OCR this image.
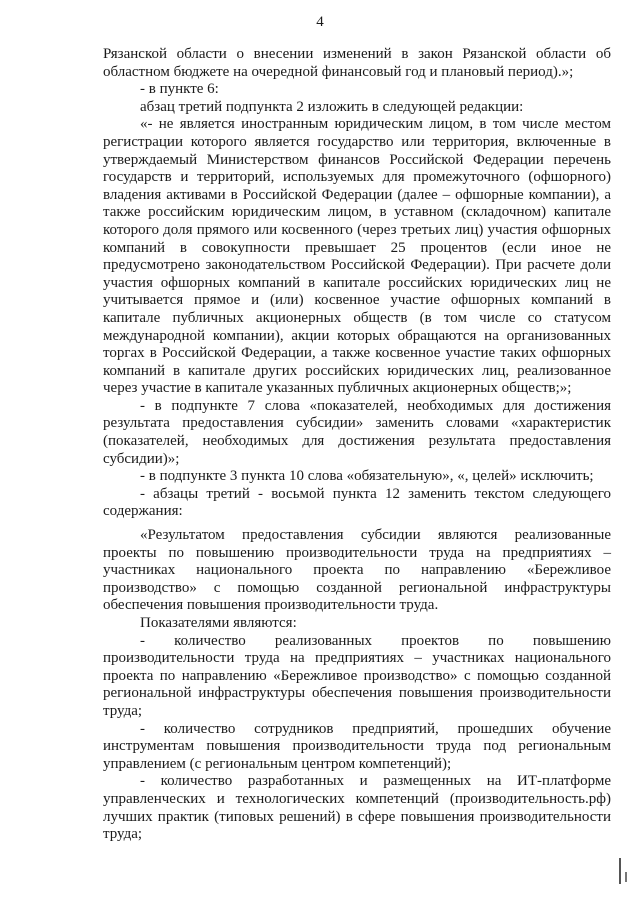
4

Рязанской области о внесении изменений в закон Рязанской области об областном бюджете на очередной финансовый год и плановый период).»;

- в пункте 6:

абзац третий подпункта 2 изложить в следующей редакции:

«- не является иностранным юридическим лицом, в том числе местом регистрации которого является государство или территория, включенные в утверждаемый Министерством финансов Российской Федерации перечень государств и территорий, используемых для промежуточного (офшорного) владения активами в Российской Федерации (далее – офшорные компании), а также российским юридическим лицом, в уставном (складочном) капитале которого доля прямого или косвенного (через третьих лиц) участия офшорных компаний в совокупности превышает 25 процентов (если иное не предусмотрено законодательством Российской Федерации). При расчете доли участия офшорных компаний в капитале российских юридических лиц не учитывается прямое и (или) косвенное участие офшорных компаний в капитале публичных акционерных обществ (в том числе со статусом международной компании), акции которых обращаются на организованных торгах в Российской Федерации, а также косвенное участие таких офшорных компаний в капитале других российских юридических лиц, реализованное через участие в капитале указанных публичных акционерных обществ;»;

- в подпункте 7 слова «показателей, необходимых для достижения результата предоставления субсидии» заменить словами «характеристик (показателей, необходимых для достижения результата предоставления субсидии)»;

- в подпункте 3 пункта 10 слова «обязательную», «, целей» исключить;

- абзацы третий - восьмой пункта 12 заменить текстом следующего содержания:

«Результатом предоставления субсидии являются реализованные проекты по повышению производительности труда на предприятиях – участниках национального проекта по направлению «Бережливое производство» с помощью созданной региональной инфраструктуры обеспечения повышения производительности труда.

Показателями являются:

- количество реализованных проектов по повышению производительности труда на предприятиях – участниках национального проекта по направлению «Бережливое производство» с помощью созданной региональной инфраструктуры обеспечения повышения производительности труда;

- количество сотрудников предприятий, прошедших обучение инструментам повышения производительности труда под региональным управлением (с региональным центром компетенций);

- количество разработанных и размещенных на ИТ-платформе управленческих и технологических компетенций (производительность.рф) лучших практик (типовых решений) в сфере повышения производительности труда;
